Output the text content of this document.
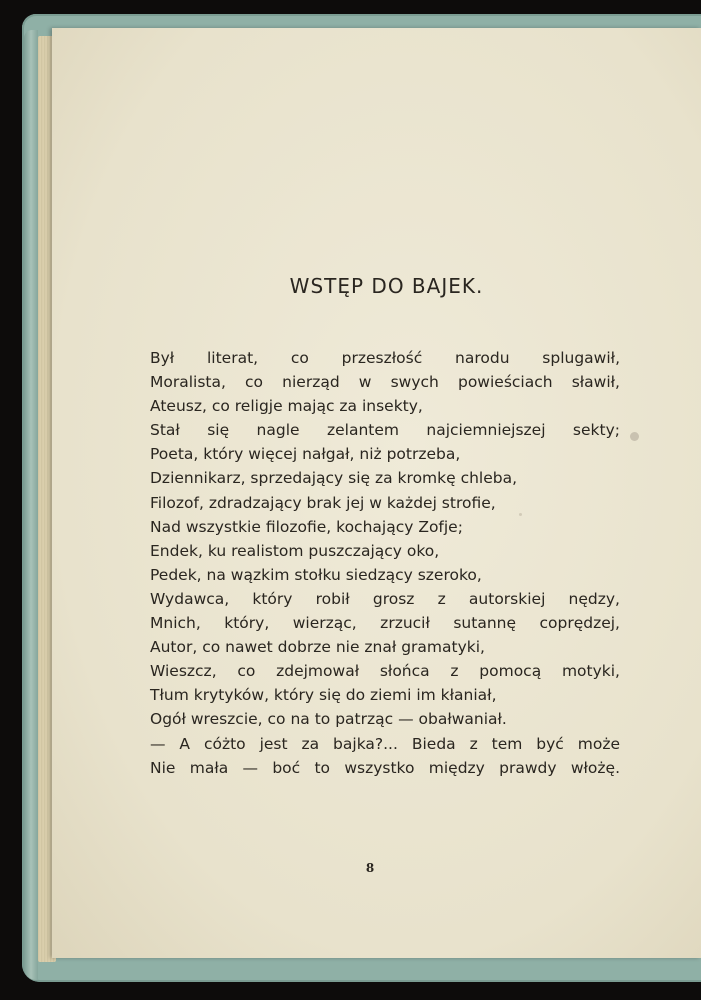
WSTĘP DO BAJEK.
Był literat, co przeszłość narodu splugawił,
Moralista, co nierząd w swych powieściach sławił,
Ateusz, co religje mając za insekty,
Stał się nagle zelantem najciemniejszej sekty;
Poeta, który więcej nałgał, niż potrzeba,
Dziennikarz, sprzedający się za kromkę chleba,
Filozof, zdradzający brak jej w każdej strofie,
Nad wszystkie filozofie, kochający Zofje;
Endek, ku realistom puszczający oko,
Pedek, na wązkim stołku siedzący szeroko,
Wydawca, który robił grosz z autorskiej nędzy,
Mnich, który, wierząc, zrzucił sutannę coprędzej,
Autor, co nawet dobrze nie znał gramatyki,
Wieszcz, co zdejmował słońca z pomocą motyki,
Tłum krytyków, który się do ziemi im kłaniał,
Ogół wreszcie, co na to patrząc — obałwaniał.
— A cóżto jest za bajka?... Bieda z tem być może
Nie mała — boć to wszystko między prawdy włożę.
8
